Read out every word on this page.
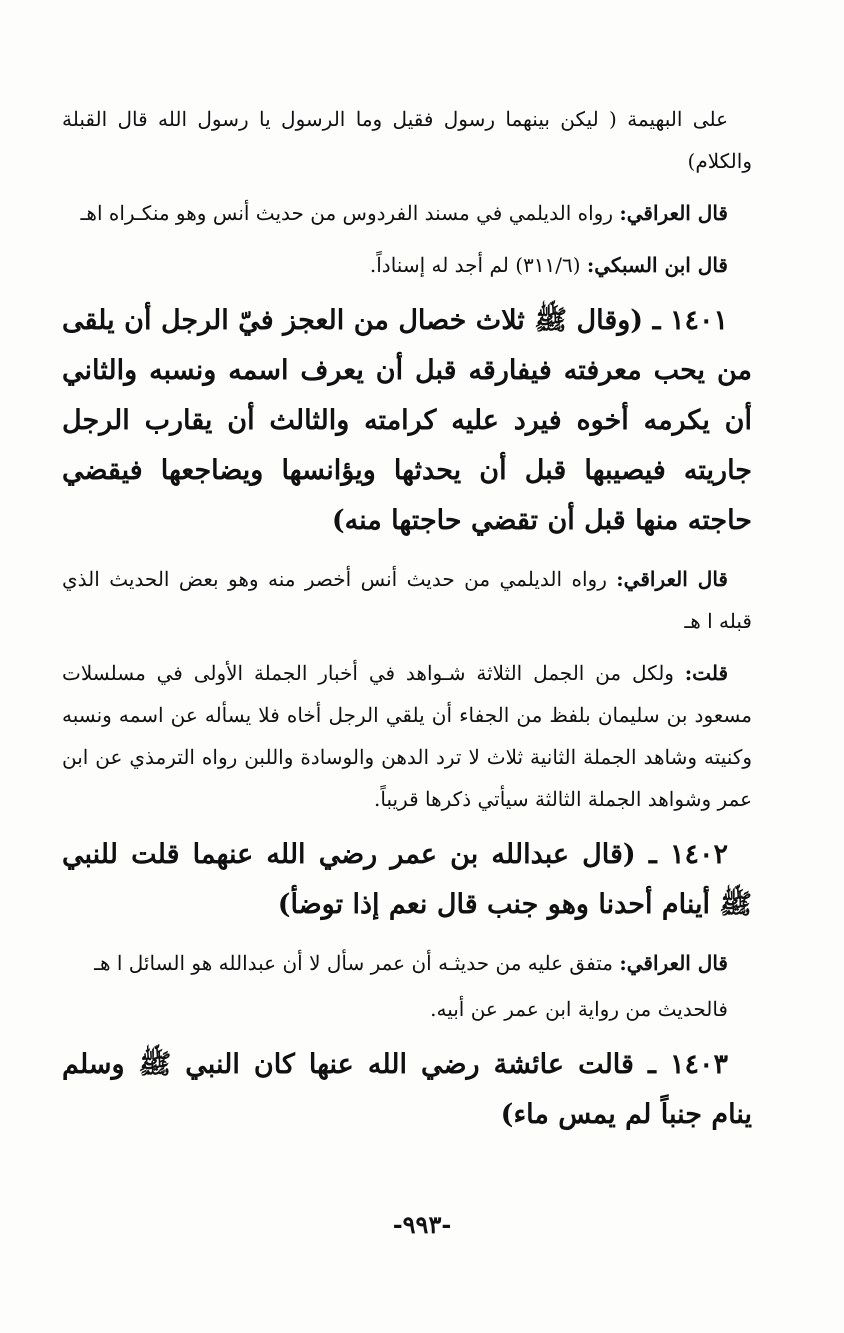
على البهيمة ( ليكن بينهما رسول فقيل وما الرسول يا رسول الله قال القبلة والكلام)

قال العراقي: رواه الديلمي في مسند الفردوس من حديث أنس وهو منكـراه اهـ

قال ابن السبكي: (٣١١/٦) لم أجد له إسناداً.

١٤٠١ ـ (وقال ﷺ ثلاث خصال من العجز فيّ الرجل أن يلقى من يحب معرفته فيفارقه قبل أن يعرف اسمه ونسبه والثاني أن يكرمه أخوه فيرد عليه كرامته والثالث أن يقارب الرجل جاريته فيصيبها قبل أن يحدثها ويؤانسها ويضاجعها فيقضي حاجته منها قبل أن تقضي حاجتها منه)

قال العراقي: رواه الديلمي من حديث أنس أخصر منه وهو بعض الحديث الذي قبله ا هـ

قلت: ولكل من الجمل الثلاثة شـواهد في أخبار الجملة الأولى في مسلسلات مسعود بن سليمان بلفظ من الجفاء أن يلقي الرجل أخاه فلا يسأله عن اسمه ونسبه وكنيته وشاهد الجملة الثانية ثلاث لا ترد الدهن والوسادة واللبن رواه الترمذي عن ابن عمر وشواهد الجملة الثالثة سيأتي ذكرها قريباً.

١٤٠٢ ـ (قال عبدالله بن عمر رضي الله عنهما قلت للنبي ﷺ أينام أحدنا وهو جنب قال نعم إذا توضأ)

قال العراقي: متفق عليه من حديثـه أن عمر سأل لا أن عبدالله هو السائل ا هـ

فالحديث من رواية ابن عمر عن أبيه.

١٤٠٣ ـ قالت عائشة رضي الله عنها كان النبي ﷺ وسلم ينام جنباً لم يمس ماء)

-٩٩٣-
